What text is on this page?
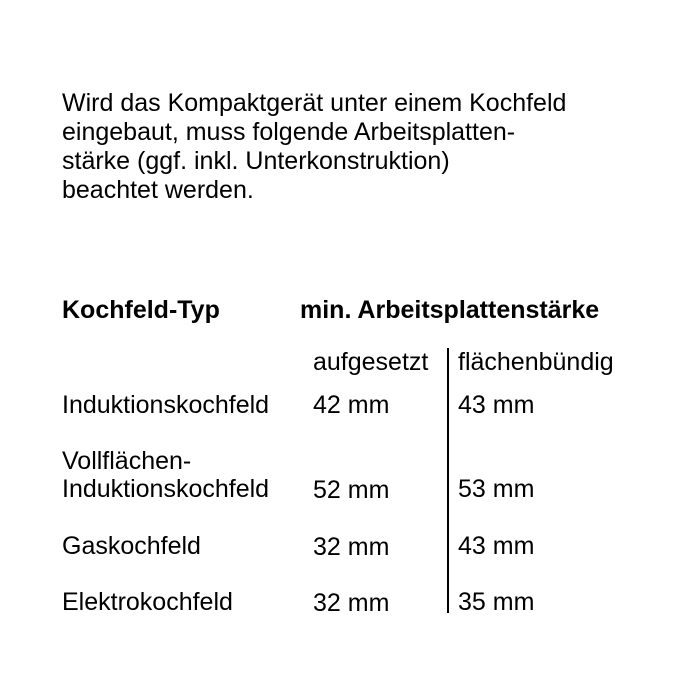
Wird das Kompaktgerät unter einem Kochfeld
eingebaut, muss folgende Arbeitsplatten-
stärke (ggf. inkl. Unterkonstruktion)
beachtet werden.
Kochfeld-Typ	min. Arbeitsplattenstärke
aufgesetzt flächenbündig
Induktionskochfeld 42 mm	43 mm
Vollflächen-
Induktionskochfeld 52 mm	53 mm
Gaskochfeld	32 mm	43 mm
Elektrokochfeld	32 mm	35 mm
